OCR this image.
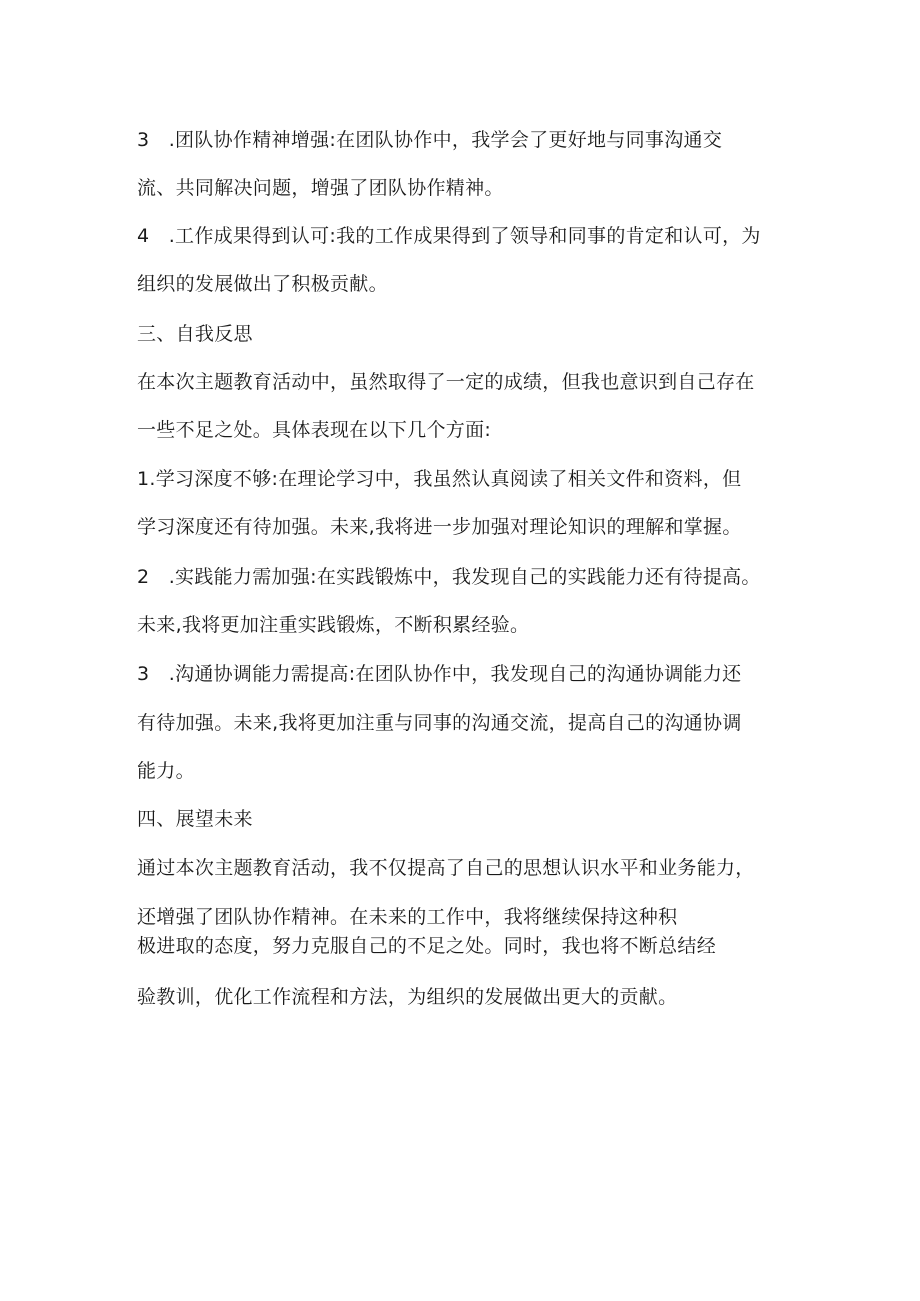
3　.团队协作精神增强:在团队协作中，我学会了更好地与同事沟通交
流、共同解决问题，增强了团队协作精神。
4　.工作成果得到认可:我的工作成果得到了领导和同事的肯定和认可，为
组织的发展做出了积极贡献。
三、自我反思
在本次主题教育活动中，虽然取得了一定的成绩，但我也意识到自己存在
一些不足之处。具体表现在以下几个方面:
1.学习深度不够:在理论学习中，我虽然认真阅读了相关文件和资料，但
学习深度还有待加强。未来,我将进一步加强对理论知识的理解和掌握。
2　.实践能力需加强:在实践锻炼中，我发现自己的实践能力还有待提高。
未来,我将更加注重实践锻炼，不断积累经验。
3　.沟通协调能力需提高:在团队协作中，我发现自己的沟通协调能力还
有待加强。未来,我将更加注重与同事的沟通交流，提高自己的沟通协调
能力。
四、展望未来
通过本次主题教育活动，我不仅提高了自己的思想认识水平和业务能力，
还增强了团队协作精神。在未来的工作中，我将继续保持这种积
极进取的态度，努力克服自己的不足之处。同时，我也将不断总结经
验教训，优化工作流程和方法，为组织的发展做出更大的贡献。
